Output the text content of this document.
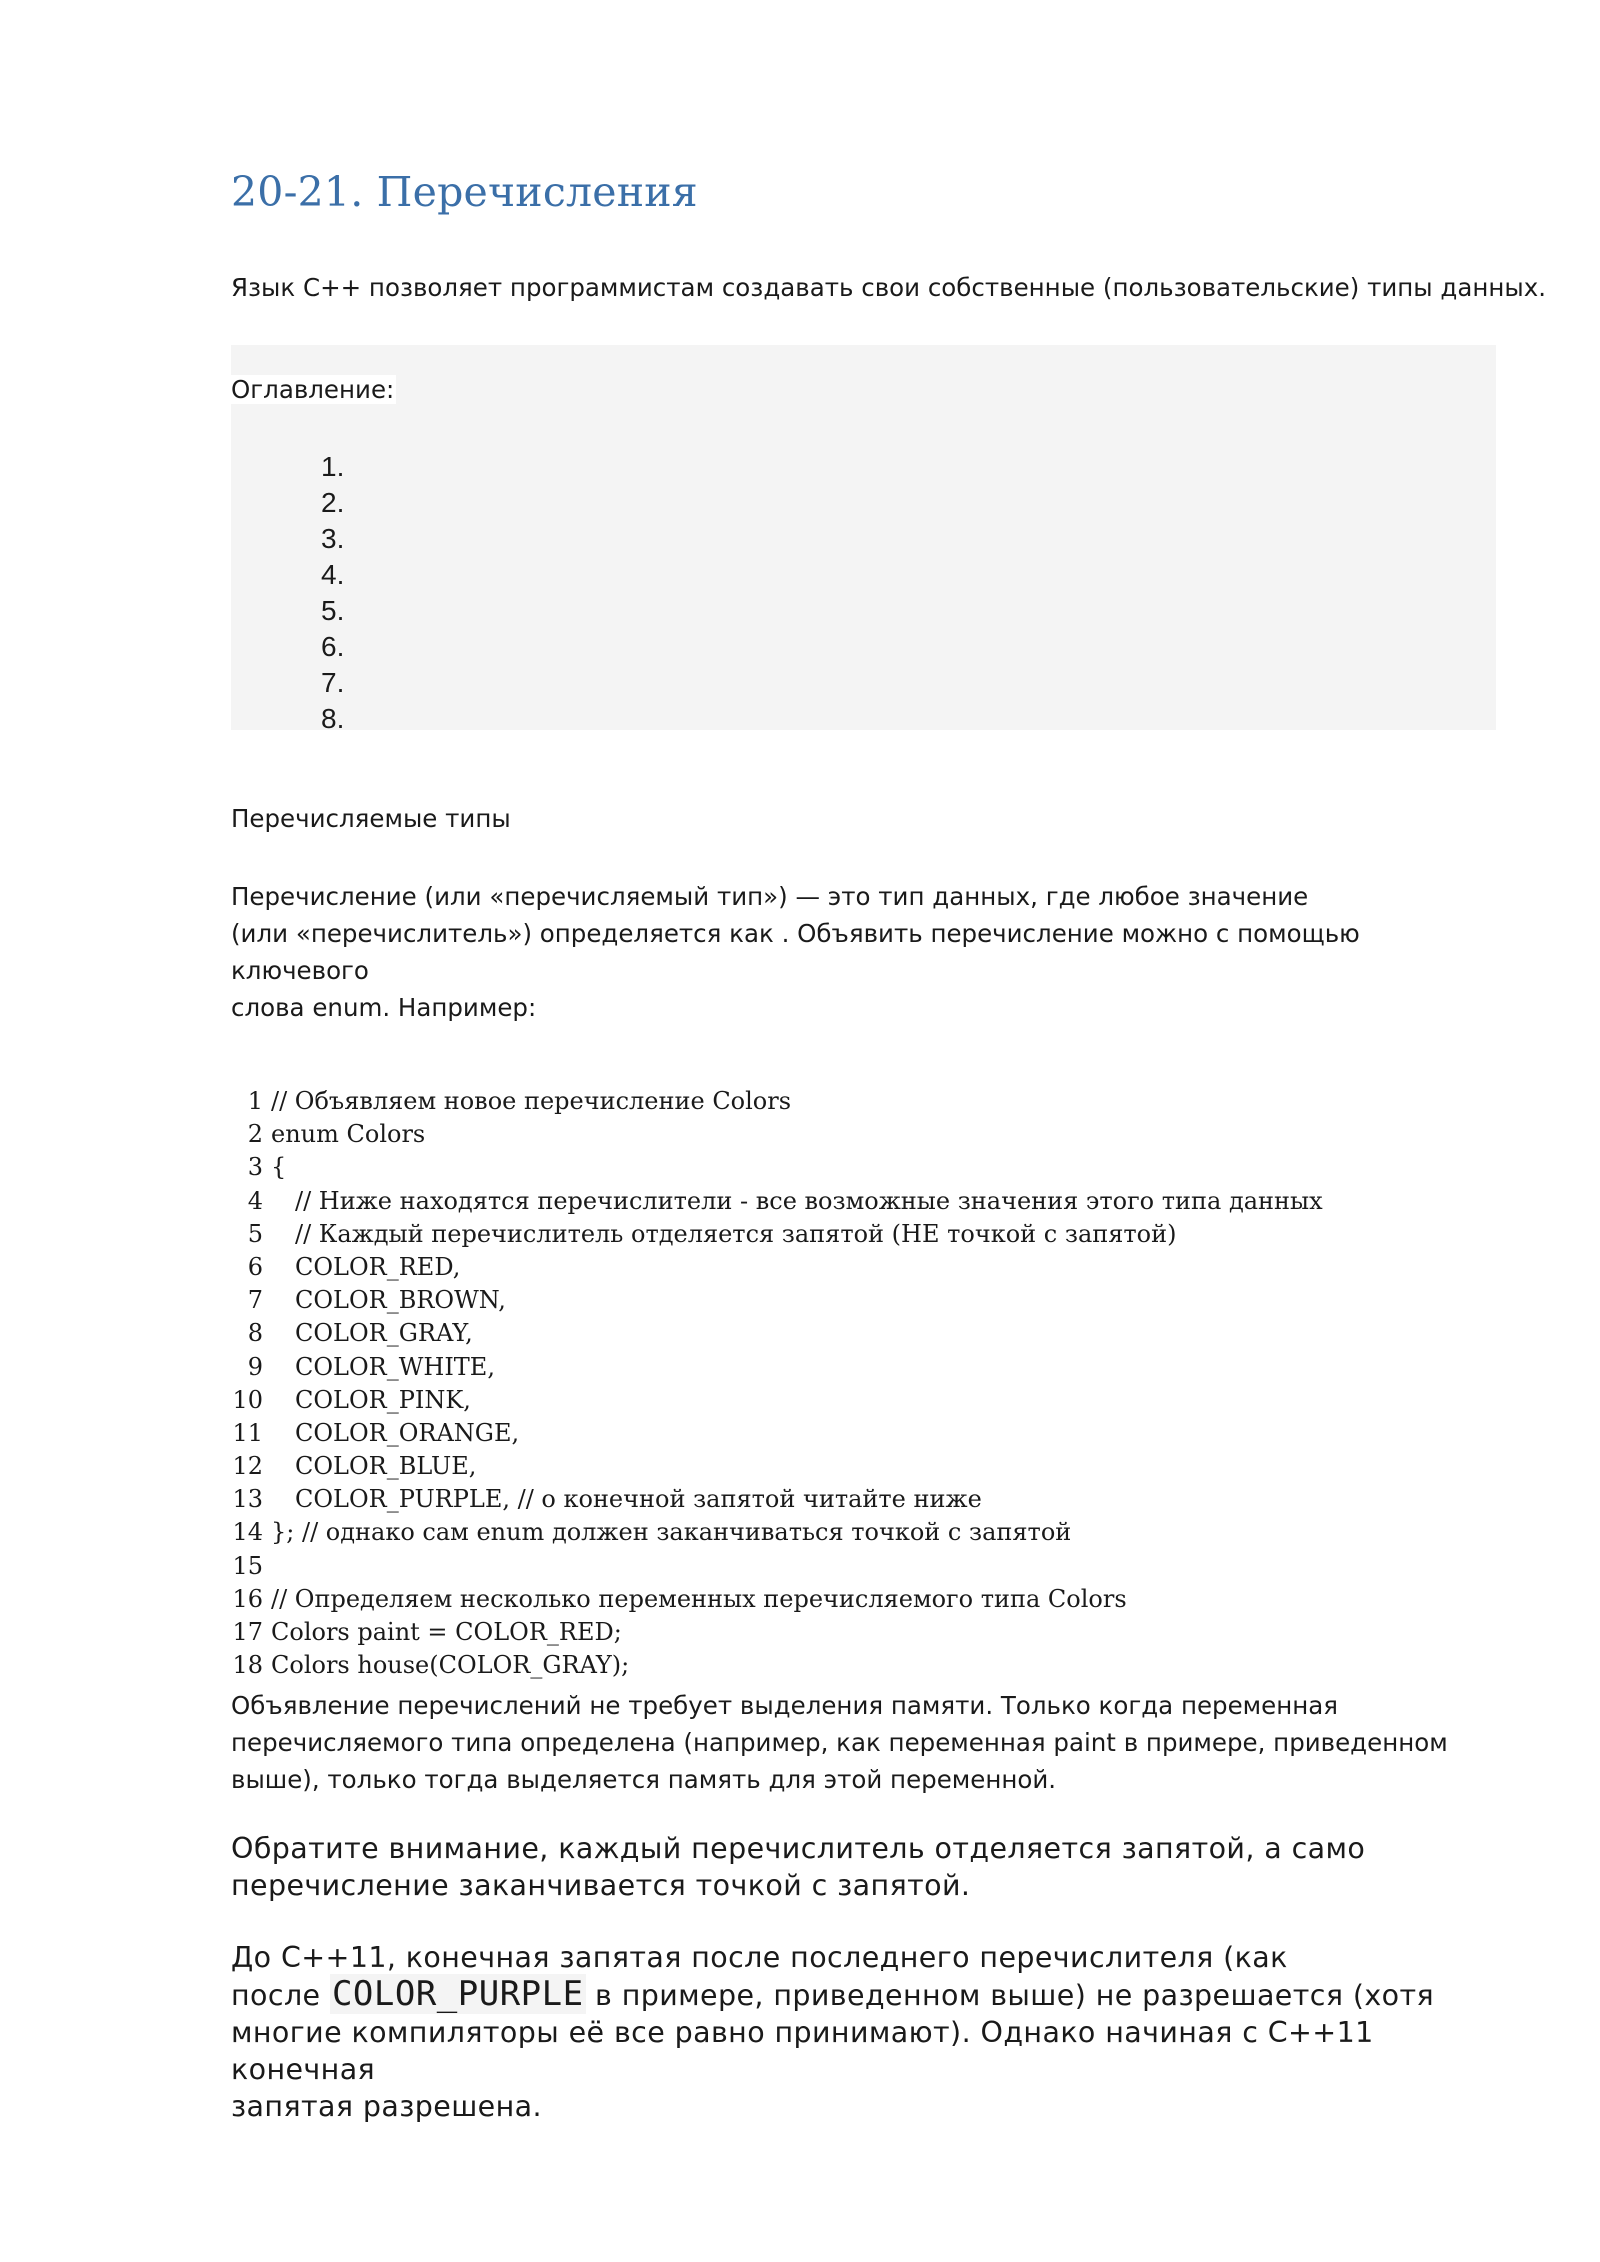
20-21. Перечисления

Язык C++ позволяет программистам создавать свои собственные (пользовательские) типы данных.

Оглавление:
1.
2.
3.
4.
5.
6.
7.
8.
Перечисляемые типы
Перечисление (или «перечисляемый тип») — это тип данных, где любое значение
(или «перечислитель») определяется как . Объявить перечисление можно с помощью ключевого
слова enum. Например:
1 // Объявляем новое перечисление Colors
2 enum Colors
3 {
4 // Ниже находятся перечислители - все возможные значения этого типа данных
5 // Каждый перечислитель отделяется запятой (НЕ точкой с запятой)
6 COLOR_RED,
7 COLOR_BROWN,
8 COLOR_GRAY,
9 COLOR_WHITE,
10 COLOR_PINK,
11 COLOR_ORANGE,
12 COLOR_BLUE,
13 COLOR_PURPLE, // о конечной запятой читайте ниже
14 }; // однако сам enum должен заканчиваться точкой с запятой
15
16 // Определяем несколько переменных перечисляемого типа Colors
17 Colors paint = COLOR_RED;
18 Colors house(COLOR_GRAY);
Объявление перечислений не требует выделения памяти. Только когда переменная
перечисляемого типа определена (например, как переменная paint в примере, приведенном
выше), только тогда выделяется память для этой переменной.
Обратите внимание, каждый перечислитель отделяется запятой, а само
перечисление заканчивается точкой с запятой.
До C++11, конечная запятая после последнего перечислителя (как
после COLOR_PURPLE в примере, приведенном выше) не разрешается (хотя
многие компиляторы её все равно принимают). Однако начиная с C++11 конечная
запятая разрешена.
